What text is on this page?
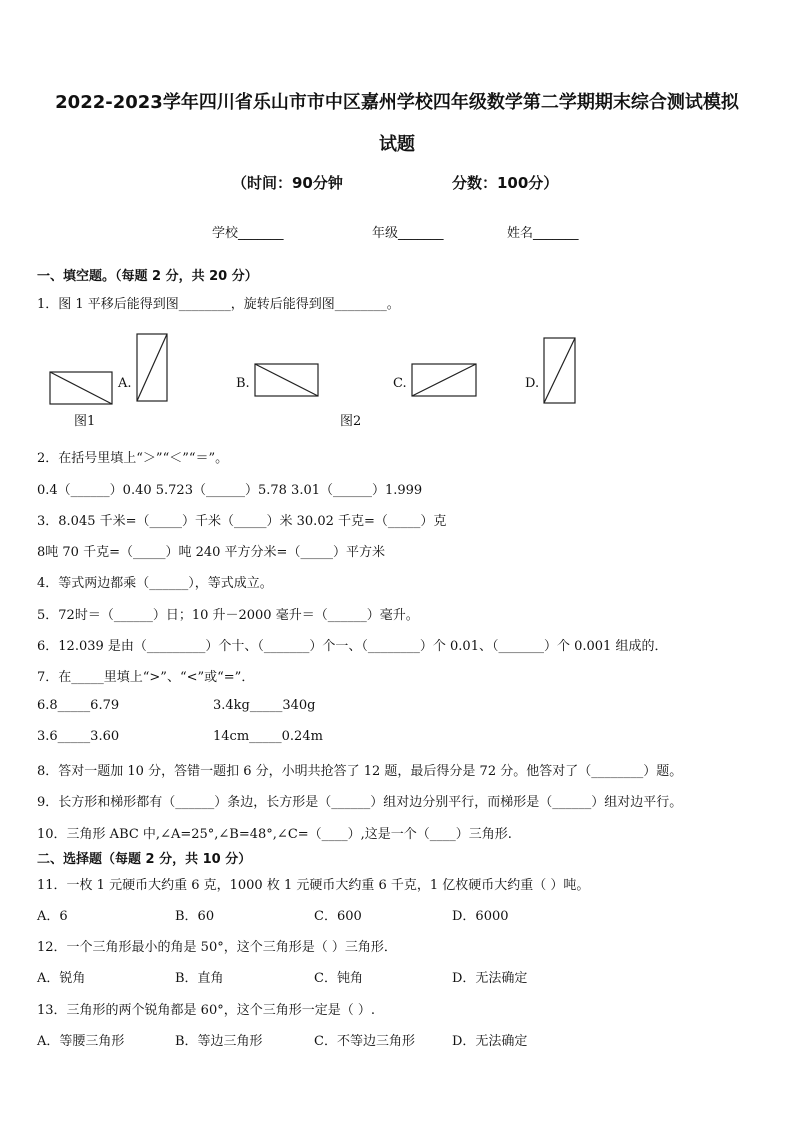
2022-2023学年四川省乐山市市中区嘉州学校四年级数学第二学期期末综合测试模拟
试题
（时间：90分钟	分数：100分）
学校_______	年级_______	姓名_______
一、填空题。（每题 2 分，共 20 分）
1．图 1 平移后能得到图________，旋转后能得到图________。
A.	B.	C.	D.
图1	图2
2．在括号里填上“＞”“＜”“＝”。
0.4（______）0.40 5.723（______）5.78 3.01（______）1.999
3．8.045 千米=（_____）千米（_____）米 30.02 千克=（_____）克
8吨 70 千克=（_____）吨 240 平方分米=（_____）平方米
4．等式两边都乘（______），等式成立。
5．72时＝（______）日；10 升－2000 毫升＝（______）毫升。
6．12.039 是由（_________）个十、（_______）个一、（________）个 0.01、（_______）个 0.001 组成的．
7．在_____里填上“>”、“<”或“=”．
6.8_____6.79	3.4kg_____340g
3.6_____3.60	14cm_____0.24m
8．答对一题加 10 分，答错一题扣 6 分，小明共抢答了 12 题，最后得分是 72 分。他答对了（________）题。
9．长方形和梯形都有（______）条边，长方形是（______）组对边分别平行，而梯形是（______）组对边平行。
10．三角形 ABC 中,∠A=25°,∠B=48°,∠C=（____）,这是一个（____）三角形.
二、选择题（每题 2 分，共 10 分）
11．一枚 1 元硬币大约重 6 克，1000 枚 1 元硬币大约重 6 千克，1 亿枚硬币大约重（ ）吨。
A．6	B．60	C．600	D．6000
12．一个三角形最小的角是 50°，这个三角形是（ ）三角形．
A．锐角	B．直角	C．钝角	D．无法确定
13．三角形的两个锐角都是 60°，这个三角形一定是（ ）.
A．等腰三角形	B．等边三角形	C．不等边三角形	D．无法确定
